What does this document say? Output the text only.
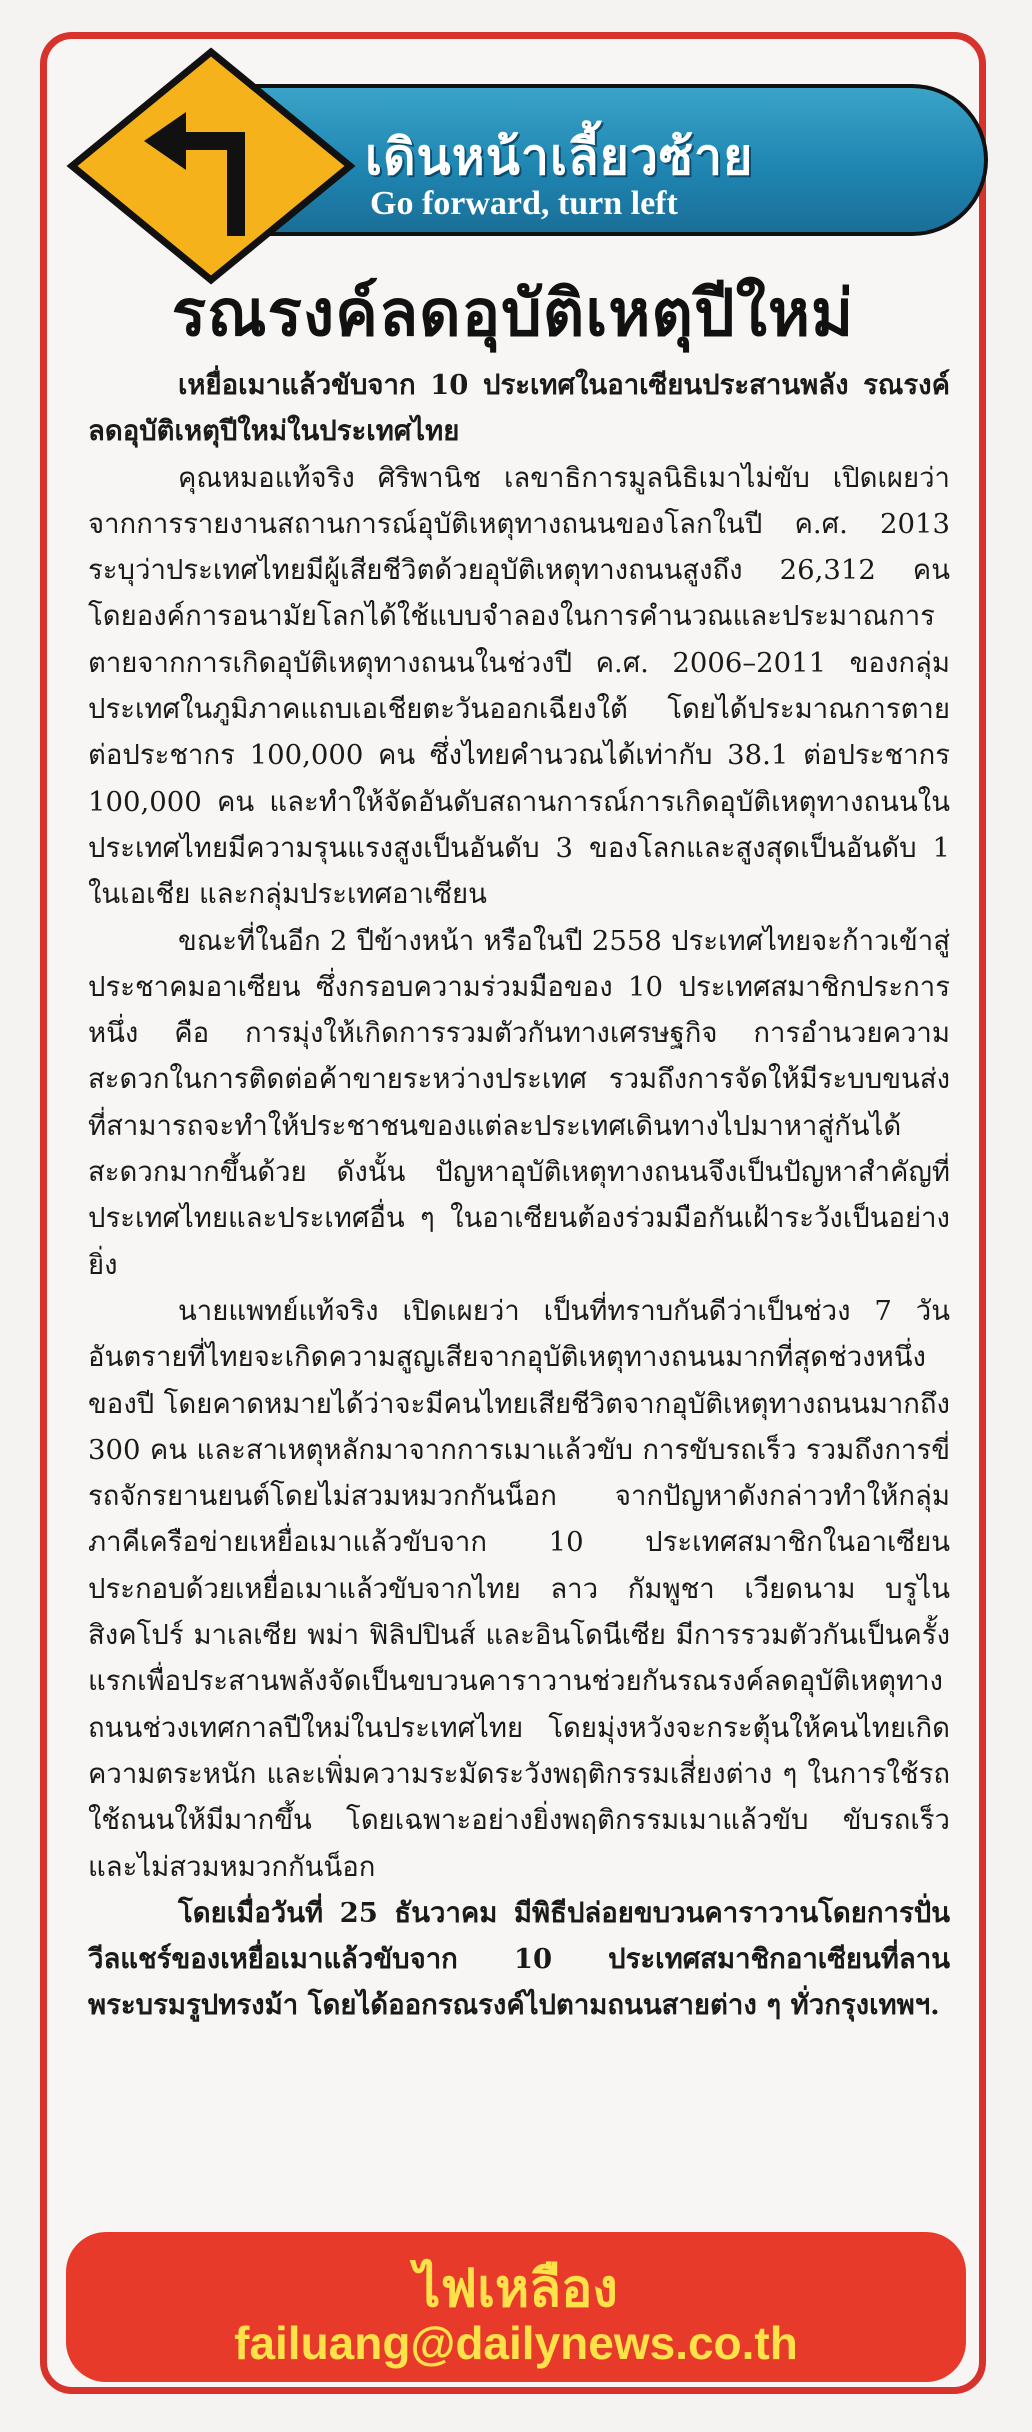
เดินหน้าเลี้ยวซ้าย
Go forward, turn left
รณรงค์ลดอุบัติเหตุปีใหม่

เหยื่อเมาแล้วขับจาก 10 ประเทศในอาเซียนประสานพลัง รณรงค์ลดอุบัติเหตุปีใหม่ในประเทศไทย

คุณหมอแท้จริง ศิริพานิช เลขาธิการมูลนิธิเมาไม่ขับ เปิดเผยว่า จากการรายงานสถานการณ์อุบัติเหตุทางถนนของโลกในปี ค.ศ. 2013 ระบุว่าประเทศไทยมีผู้เสียชีวิตด้วยอุบัติเหตุทางถนนสูงถึง 26,312 คน โดยองค์การอนามัยโลกได้ใช้แบบจำลองในการคำนวณและประมาณการตายจากการเกิดอุบัติเหตุทางถนนในช่วงปี ค.ศ. 2006–2011 ของกลุ่มประเทศในภูมิภาคแถบเอเชียตะวันออกเฉียงใต้ โดยได้ประมาณการตายต่อประชากร 100,000 คน ซึ่งไทยคำนวณได้เท่ากับ 38.1 ต่อประชากร 100,000 คน และทำให้จัดอันดับสถานการณ์การเกิดอุบัติเหตุทางถนนในประเทศไทยมีความรุนแรงสูงเป็นอันดับ 3 ของโลกและสูงสุดเป็นอันดับ 1 ในเอเชีย และกลุ่มประเทศอาเซียน

ขณะที่ในอีก 2 ปีข้างหน้า หรือในปี 2558 ประเทศไทยจะก้าวเข้าสู่ประชาคมอาเซียน ซึ่งกรอบความร่วมมือของ 10 ประเทศสมาชิกประการหนึ่ง คือ การมุ่งให้เกิดการรวมตัวกันทางเศรษฐกิจ การอำนวยความสะดวกในการติดต่อค้าขายระหว่างประเทศ รวมถึงการจัดให้มีระบบขนส่งที่สามารถจะทำให้ประชาชนของแต่ละประเทศเดินทางไปมาหาสู่กันได้สะดวกมากขึ้นด้วย ดังนั้น ปัญหาอุบัติเหตุทางถนนจึงเป็นปัญหาสำคัญที่ประเทศไทยและประเทศอื่น ๆ ในอาเซียนต้องร่วมมือกันเฝ้าระวังเป็นอย่างยิ่ง

นายแพทย์แท้จริง เปิดเผยว่า เป็นที่ทราบกันดีว่าเป็นช่วง 7 วันอันตรายที่ไทยจะเกิดความสูญเสียจากอุบัติเหตุทางถนนมากที่สุดช่วงหนึ่งของปี โดยคาดหมายได้ว่าจะมีคนไทยเสียชีวิตจากอุบัติเหตุทางถนนมากถึง 300 คน และสาเหตุหลักมาจากการเมาแล้วขับ การขับรถเร็ว รวมถึงการขี่รถจักรยานยนต์โดยไม่สวมหมวกกันน็อก จากปัญหาดังกล่าวทำให้กลุ่มภาคีเครือข่ายเหยื่อเมาแล้วขับจาก 10 ประเทศสมาชิกในอาเซียน ประกอบด้วยเหยื่อเมาแล้วขับจากไทย ลาว กัมพูชา เวียดนาม บรูไน สิงคโปร์ มาเลเซีย พม่า ฟิลิปปินส์ และอินโดนีเซีย มีการรวมตัวกันเป็นครั้งแรกเพื่อประสานพลังจัดเป็นขบวนคาราวานช่วยกันรณรงค์ลดอุบัติเหตุทางถนนช่วงเทศกาลปีใหม่ในประเทศไทย โดยมุ่งหวังจะกระตุ้นให้คนไทยเกิดความตระหนัก และเพิ่มความระมัดระวังพฤติกรรมเสี่ยงต่าง ๆ ในการใช้รถใช้ถนนให้มีมากขึ้น โดยเฉพาะอย่างยิ่งพฤติกรรมเมาแล้วขับ ขับรถเร็ว และไม่สวมหมวกกันน็อก

โดยเมื่อวันที่ 25 ธันวาคม มีพิธีปล่อยขบวนคาราวานโดยการปั่นวีลแชร์ของเหยื่อเมาแล้วขับจาก 10 ประเทศสมาชิกอาเซียนที่ลานพระบรมรูปทรงม้า โดยได้ออกรณรงค์ไปตามถนนสายต่าง ๆ ทั่วกรุงเทพฯ.

ไฟเหลือง
failuang@dailynews.co.th
